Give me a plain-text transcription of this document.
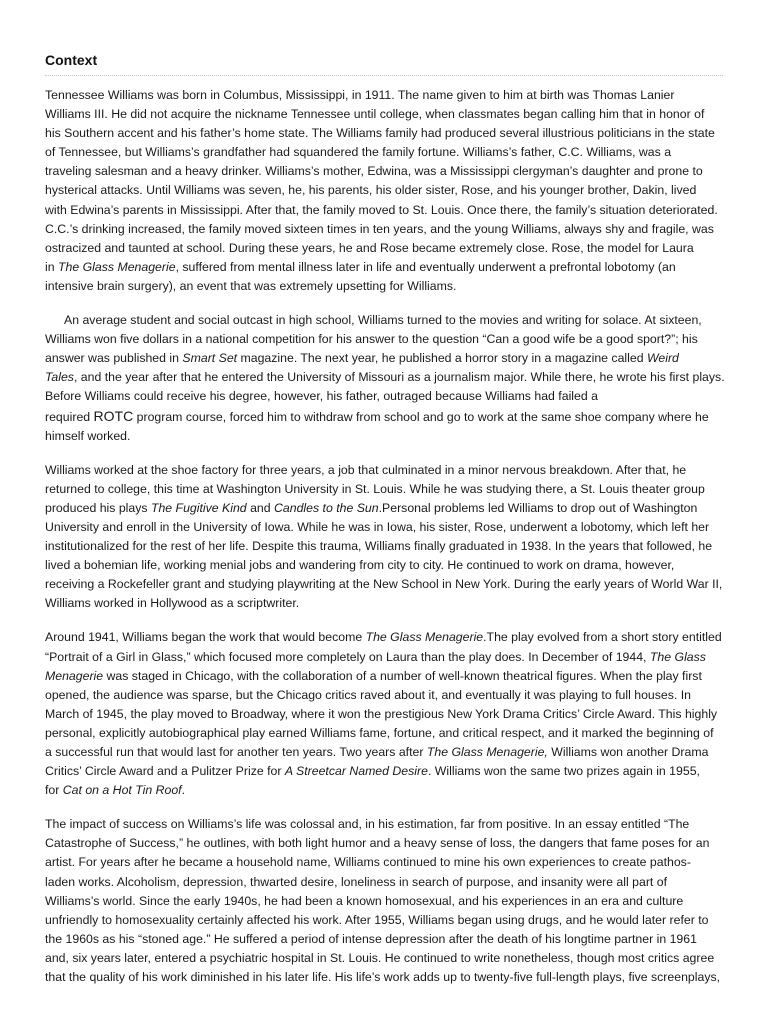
Context

Tennessee Williams was born in Columbus, Mississippi, in 1911. The name given to him at birth was Thomas Lanier
Williams III. He did not acquire the nickname Tennessee until college, when classmates began calling him that in honor of
his Southern accent and his father’s home state. The Williams family had produced several illustrious politicians in the state
of Tennessee, but Williams’s grandfather had squandered the family fortune. Williams’s father, C.C. Williams, was a
traveling salesman and a heavy drinker. Williams’s mother, Edwina, was a Mississippi clergyman’s daughter and prone to
hysterical attacks. Until Williams was seven, he, his parents, his older sister, Rose, and his younger brother, Dakin, lived
with Edwina’s parents in Mississippi. After that, the family moved to St. Louis. Once there, the family’s situation deteriorated.
C.C.’s drinking increased, the family moved sixteen times in ten years, and the young Williams, always shy and fragile, was
ostracized and taunted at school. During these years, he and Rose became extremely close. Rose, the model for Laura
in The Glass Menagerie, suffered from mental illness later in life and eventually underwent a prefrontal lobotomy (an
intensive brain surgery), an event that was extremely upsetting for Williams.

An average student and social outcast in high school, Williams turned to the movies and writing for solace. At sixteen,
Williams won five dollars in a national competition for his answer to the question “Can a good wife be a good sport?”; his
answer was published in Smart Set magazine. The next year, he published a horror story in a magazine called Weird
Tales, and the year after that he entered the University of Missouri as a journalism major. While there, he wrote his first plays.
Before Williams could receive his degree, however, his father, outraged because Williams had failed a
required ROTC program course, forced him to withdraw from school and go to work at the same shoe company where he
himself worked.

Williams worked at the shoe factory for three years, a job that culminated in a minor nervous breakdown. After that, he
returned to college, this time at Washington University in St. Louis. While he was studying there, a St. Louis theater group
produced his plays The Fugitive Kind and Candles to the Sun.Personal problems led Williams to drop out of Washington
University and enroll in the University of Iowa. While he was in Iowa, his sister, Rose, underwent a lobotomy, which left her
institutionalized for the rest of her life. Despite this trauma, Williams finally graduated in 1938. In the years that followed, he
lived a bohemian life, working menial jobs and wandering from city to city. He continued to work on drama, however,
receiving a Rockefeller grant and studying playwriting at the New School in New York. During the early years of World War II,
Williams worked in Hollywood as a scriptwriter.

Around 1941, Williams began the work that would become The Glass Menagerie.The play evolved from a short story entitled
“Portrait of a Girl in Glass,” which focused more completely on Laura than the play does. In December of 1944, The Glass
Menagerie was staged in Chicago, with the collaboration of a number of well-known theatrical figures. When the play first
opened, the audience was sparse, but the Chicago critics raved about it, and eventually it was playing to full houses. In
March of 1945, the play moved to Broadway, where it won the prestigious New York Drama Critics’ Circle Award. This highly
personal, explicitly autobiographical play earned Williams fame, fortune, and critical respect, and it marked the beginning of
a successful run that would last for another ten years. Two years after The Glass Menagerie, Williams won another Drama
Critics’ Circle Award and a Pulitzer Prize for A Streetcar Named Desire. Williams won the same two prizes again in 1955,
for Cat on a Hot Tin Roof.

The impact of success on Williams’s life was colossal and, in his estimation, far from positive. In an essay entitled “The
Catastrophe of Success,” he outlines, with both light humor and a heavy sense of loss, the dangers that fame poses for an
artist. For years after he became a household name, Williams continued to mine his own experiences to create pathos-
laden works. Alcoholism, depression, thwarted desire, loneliness in search of purpose, and insanity were all part of
Williams’s world. Since the early 1940s, he had been a known homosexual, and his experiences in an era and culture
unfriendly to homosexuality certainly affected his work. After 1955, Williams began using drugs, and he would later refer to
the 1960s as his “stoned age.” He suffered a period of intense depression after the death of his longtime partner in 1961
and, six years later, entered a psychiatric hospital in St. Louis. He continued to write nonetheless, though most critics agree
that the quality of his work diminished in his later life. His life’s work adds up to twenty-five full-length plays, five screenplays,
